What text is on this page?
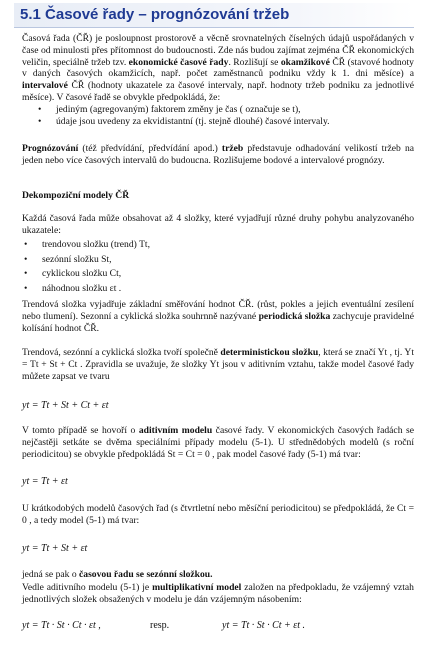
5.1 Časové řady – prognózování tržeb

Časová řada (ČŘ) je posloupnost prostorově a věcně srovnatelných číselných údajů uspořádaných v čase od minulosti přes přítomnost do budoucnosti. Zde nás budou zajímat zejména ČŘ ekonomických veličin, speciálně tržeb tzv. ekonomické časové řady. Rozlišují se okamžikové ČŘ (stavové hodnoty v daných časových okamžicích, např. počet zaměstnanců podniku vždy k 1. dni měsíce) a intervalové ČŘ (hodnoty ukazatele za časové intervaly, např. hodnoty tržeb podniku za jednotlivé měsíce). V časové řadě se obvykle předpokládá, že:

• jediným (agregovaným) faktorem změny je čas ( označuje se t),
• údaje jsou uvedeny za ekvidistantní (tj. stejně dlouhé) časové intervaly.

Prognózování (též předvídání, předvídání apod.) tržeb představuje odhadování velikostí tržeb na jeden nebo více časových intervalů do budoucna. Rozlišujeme bodové a intervalové prognózy.

Dekompoziční modely ČŘ

Každá časová řada může obsahovat až 4 složky, které vyjadřují různé druhy pohybu analyzovaného ukazatele:

• trendovou složku (trend) Tt,
• sezónní složku St,
• cyklickou složku Ct,
• náhodnou složku εt .

Trendová složka vyjadřuje základní směřování hodnot ČŘ. (růst, pokles a jejich eventuální zesílení nebo tlumení). Sezonní a cyklická složka souhrnně nazývané periodická složka zachycuje pravidelné kolísání hodnot ČŘ.

Trendová, sezónní a cyklická složka tvoří společně deterministickou složku, která se značí Yt , tj. Yt = Tt + St + Ct . Zpravidla se uvažuje, že složky Yt jsou v aditivním vztahu, takže model časové řady můžete zapsat ve tvaru

yt = Tt + St + Ct + εt

V tomto případě se hovoří o aditivním modelu časové řady. V ekonomických časových řadách se nejčastěji setkáte se dvěma speciálními případy modelu (5-1). U střednědobých modelů (s roční periodicitou) se obvykle předpokládá St = Ct = 0 , pak model časové řady (5-1) má tvar:

yt = Tt + εt

U krátkodobých modelů časových řad (s čtvrtletní nebo měsíční periodicitou) se předpokládá, že Ct = 0 , a tedy model (5-1) má tvar:

yt = Tt + St + εt

jedná se pak o časovou řadu se sezónní složkou.

Vedle aditivního modelu (5-1) je multiplikativní model založen na předpokladu, že vzájemný vztah jednotlivých složek obsažených v modelu je dán vzájemným násobením:

yt = Tt · St · Ct · εt ,	resp.	yt = Tt · St · Ct + εt .
